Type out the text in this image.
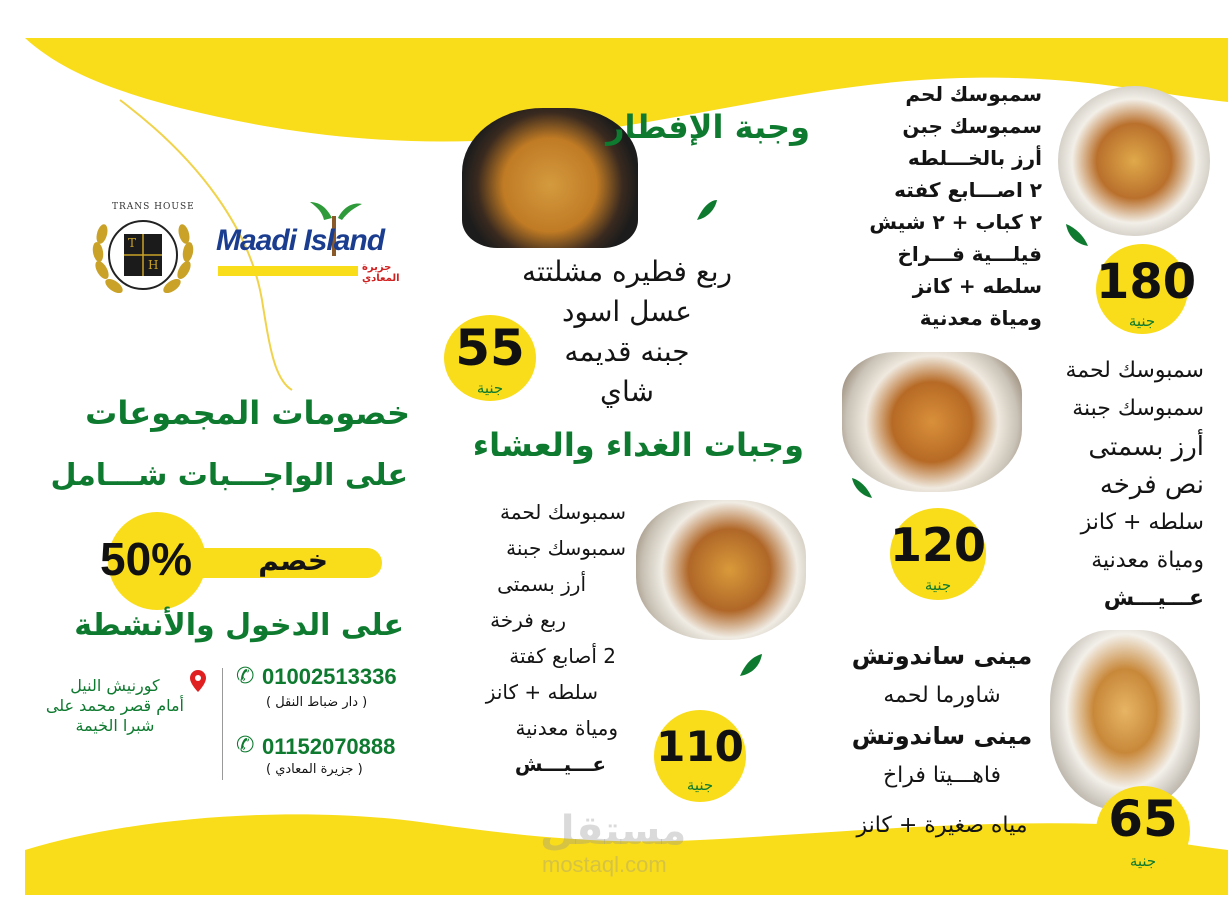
TRANS HOUSE
T
H
Maadi Island
جزيرة المعادي
وجبة الإفطار
ربع فطيره مشلتته
عسل اسود
جبنه قديمه
شاي
55
جنية
وجبات الغداء والعشاء
سمبوسك لحم
سمبوسك جبن
أرز بالخـــلطه
٢ اصـــابع كفته
٢ كباب + ٢ شيش
فيلـــية فـــراخ
سلطه + كانز
ومياة معدنية
180
جنية
سمبوسك لحمة
سمبوسك جبنة
أرز بسمتى
نص فرخه
سلطه + كانز
ومياة معدنية
عـــيـــش
120
جنية
سمبوسك لحمة
سمبوسك جبنة
أرز بسمتى
ربع فرخة
2 أصابع كفتة
سلطه + كانز
ومياة معدنية
عـــيـــش	110
جنية
مينى ساندوتش
شاورما لحمه
مينى ساندوتش
فاهـــيتا فراخ
مياه صغيرة + كانز 65
جنية
خصومات المجموعات
على الواجـــبات شـــامل
50% خصم
على الدخول والأنشطة
✆ 01002513336
( دار ضباط النقل )
✆ 01152070888
( جزيرة المعادي )
كورنيش النيل
أمام قصر محمد على
شبرا الخيمة
مستقل
mostaql.com
